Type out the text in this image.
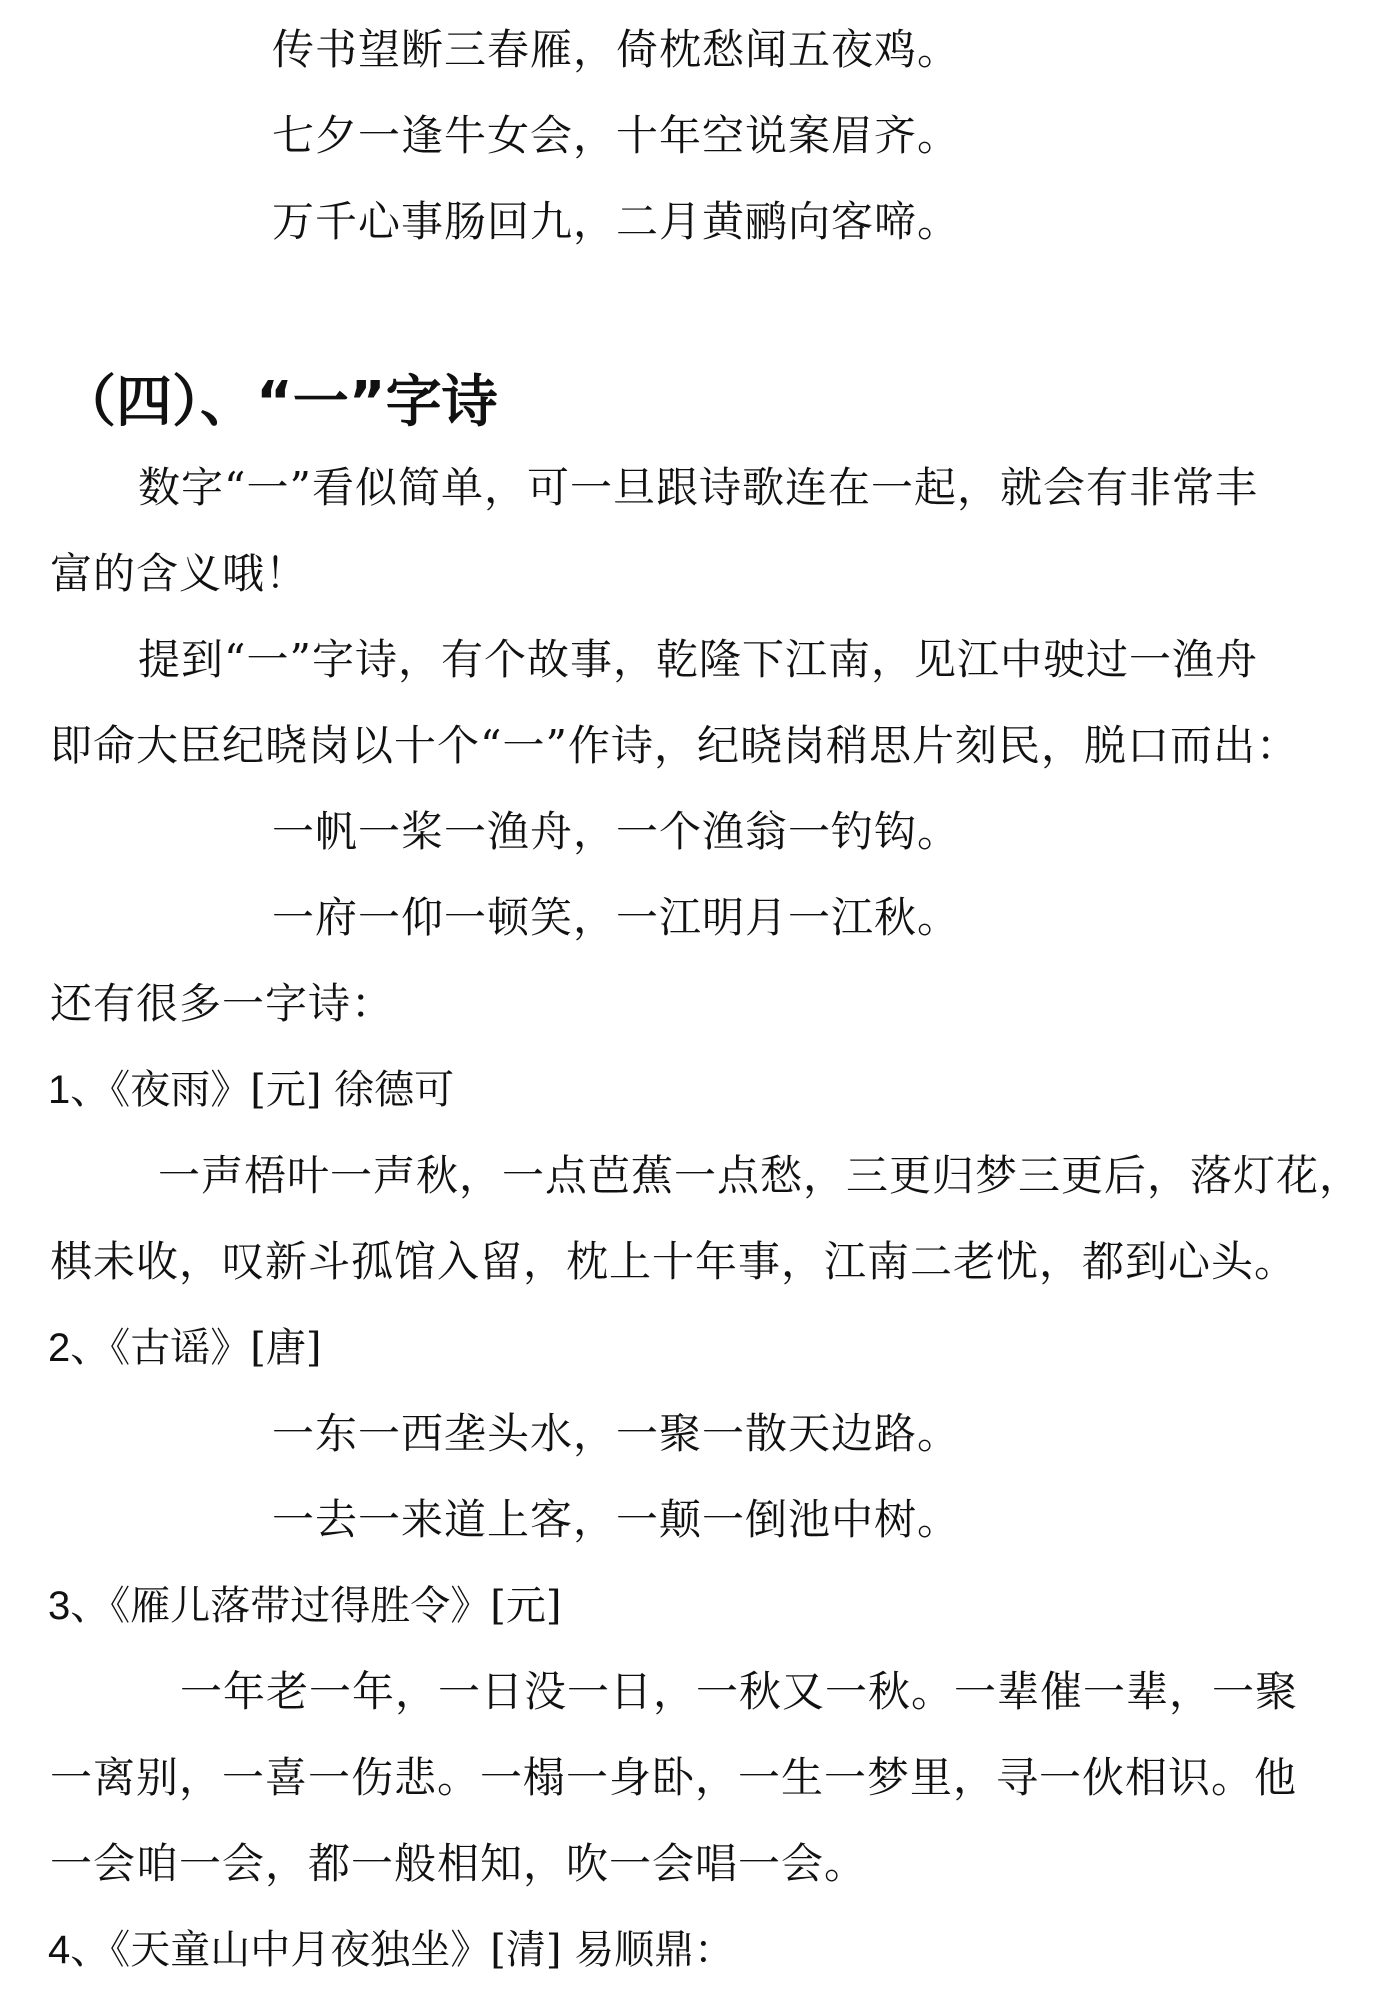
传书望断三春雁，倚枕愁闻五夜鸡。
七夕一逢牛女会，十年空说案眉齐。
万千心事肠回九，二月黄鹂向客啼。
（四）、“一”字诗
数字“一”看似简单，可一旦跟诗歌连在一起，就会有非常丰
富的含义哦！
提到“一”字诗，有个故事，乾隆下江南，见江中驶过一渔舟
即命大臣纪晓岗以十个“一”作诗，纪晓岗稍思片刻民，脱口而出：
一帆一桨一渔舟，一个渔翁一钓钩。
一府一仰一顿笑，一江明月一江秋。
还有很多一字诗：
1、《夜雨》[元] 徐德可
一声梧叶一声秋，一点芭蕉一点愁，三更归梦三更后，落灯花，
棋未收，叹新斗孤馆入留，枕上十年事，江南二老忧，都到心头。
2、《古谣》[唐]
一东一西垄头水，一聚一散天边路。
一去一来道上客，一颠一倒池中树。
3、《雁儿落带过得胜令》[元]
一年老一年，一日没一日，一秋又一秋。一辈催一辈，一聚
一离别，一喜一伤悲。一榻一身卧，一生一梦里，寻一伙相识。他
一会咱一会，都一般相知，吹一会唱一会。
4、《天童山中月夜独坐》[清] 易顺鼎：
